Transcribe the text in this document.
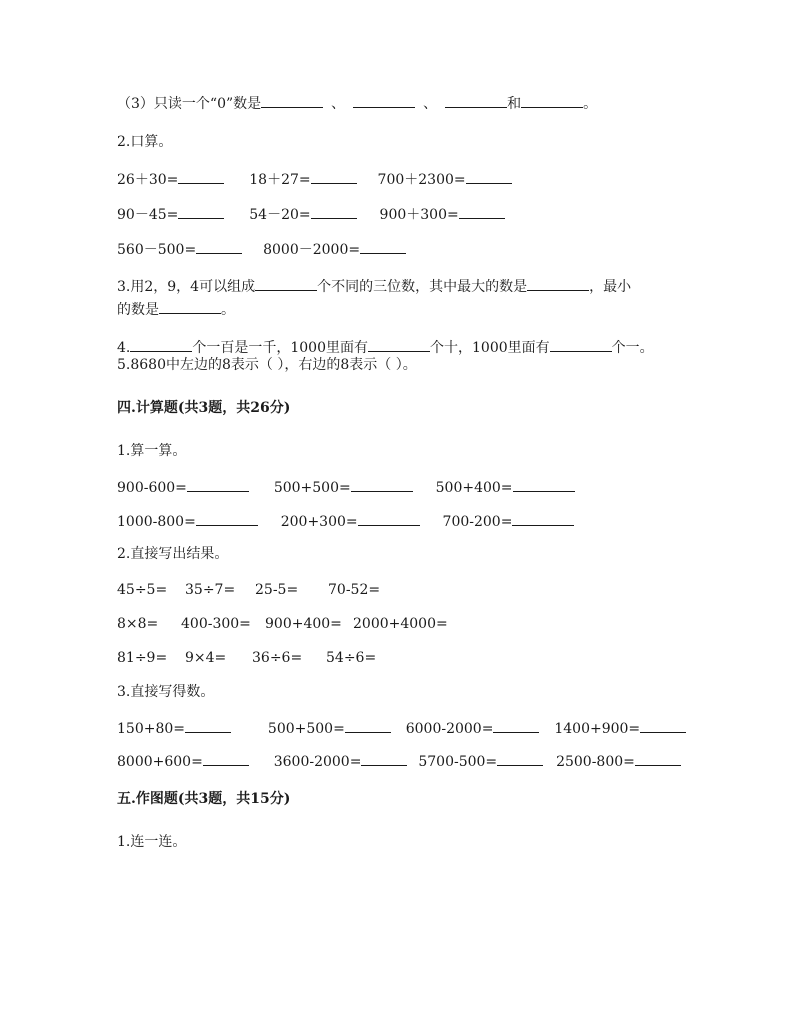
（3）只读一个“0”数是	、	、	和	。
2.口算。
26＋30=	18＋27=	700＋2300=
90－45=	54－20=	900＋300=
560－500=	8000－2000=
3.用2，9，4可以组成	个不同的三位数，其中最大的数是	，最小
的数是	。
4.	个一百是一千，1000里面有	个十，1000里面有	个一。
5.8680中左边的8表示（ ），右边的8表示（ ）。
四.计算题(共3题，共26分)
1.算一算。
900-600=	500+500=	500+400=
1000-800=	200+300=	700-200=
2.直接写出结果。
45÷5= 35÷7= 25-5= 70-52=
8×8= 400-300= 900+400= 2000+4000=
81÷9= 9×4= 36÷6= 54÷6=
3.直接写得数。
150+80=	500+500=	6000-2000=	1400+900=
8000+600=	3600-2000=	5700-500=	2500-800=
五.作图题(共3题，共15分)
1.连一连。
